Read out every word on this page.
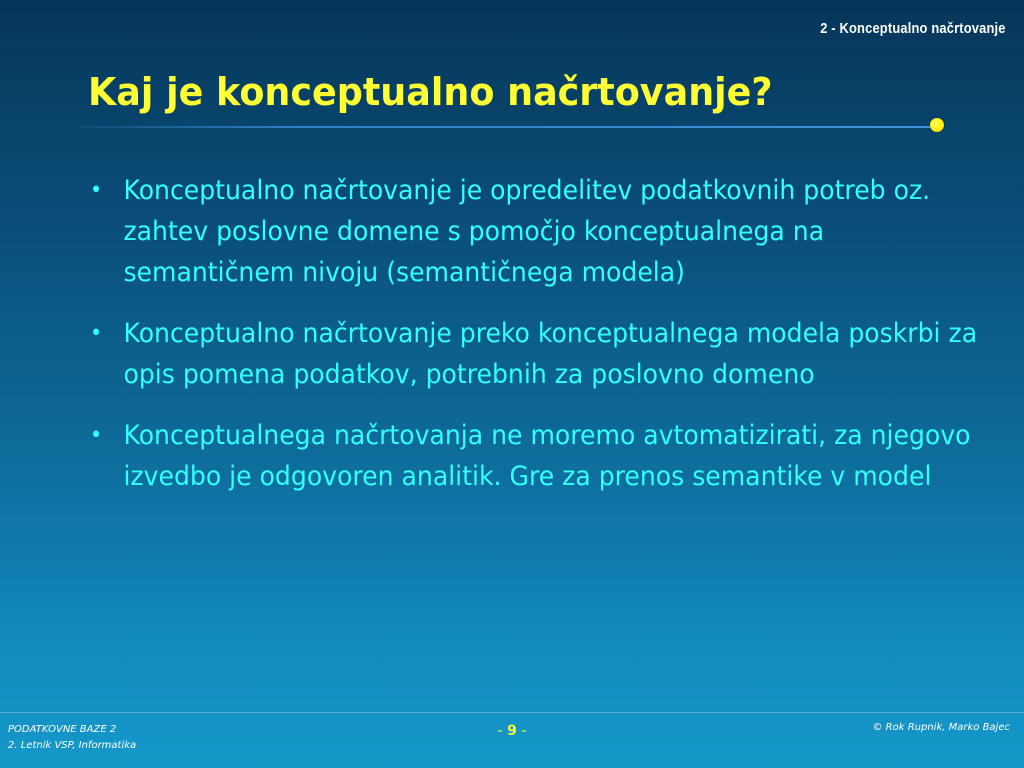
2 - Konceptualno načrtovanje
Kaj je konceptualno načrtovanje?
• Konceptualno načrtovanje je opredelitev podatkovnih potreb oz. zahtev poslovne domene s pomočjo konceptualnega na semantičnem nivoju (semantičnega modela)
• Konceptualno načrtovanje preko konceptualnega modela poskrbi za opis pomena podatkov, potrebnih za poslovno domeno
• Konceptualnega načrtovanja ne moremo avtomatizirati, za njegovo izvedbo je odgovoren analitik. Gre za prenos semantike v model
PODATKOVNE BAZE 2
2. Letnik VSP, Informatika
- 9 -	© Rok Rupnik, Marko Bajec
